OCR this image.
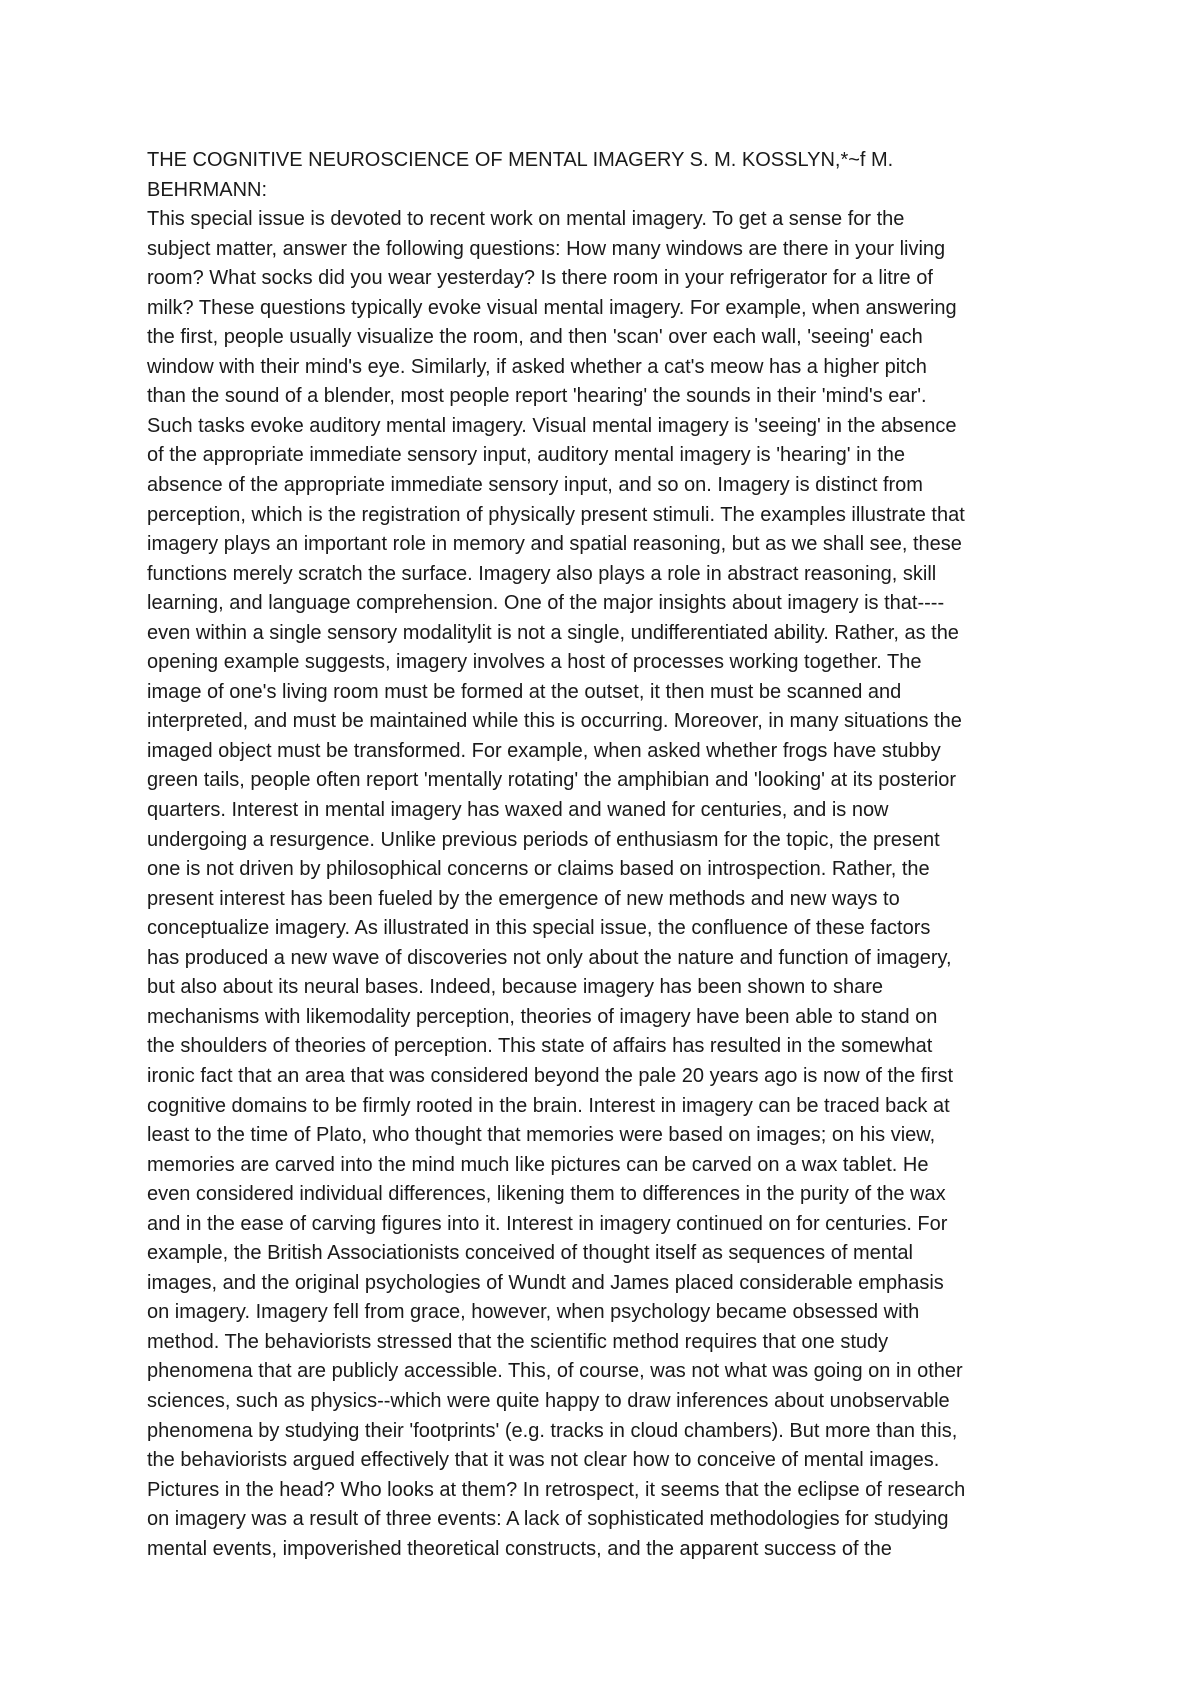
THE COGNITIVE NEUROSCIENCE OF MENTAL IMAGERY S. M. KOSSLYN,*~f M.
BEHRMANN:
This special issue is devoted to recent work on mental imagery. To get a sense for the
subject matter, answer the following questions: How many windows are there in your living
room? What socks did you wear yesterday? Is there room in your refrigerator for a litre of
milk? These questions typically evoke visual mental imagery. For example, when answering
the first, people usually visualize the room, and then 'scan' over each wall, 'seeing' each
window with their mind's eye. Similarly, if asked whether a cat's meow has a higher pitch
than the sound of a blender, most people report 'hearing' the sounds in their 'mind's ear'.
Such tasks evoke auditory mental imagery. Visual mental imagery is 'seeing' in the absence
of the appropriate immediate sensory input, auditory mental imagery is 'hearing' in the
absence of the appropriate immediate sensory input, and so on. Imagery is distinct from
perception, which is the registration of physically present stimuli. The examples illustrate that
imagery plays an important role in memory and spatial reasoning, but as we shall see, these
functions merely scratch the surface. Imagery also plays a role in abstract reasoning, skill
learning, and language comprehension. One of the major insights about imagery is that----
even within a single sensory modalitylit is not a single, undifferentiated ability. Rather, as the
opening example suggests, imagery involves a host of processes working together. The
image of one's living room must be formed at the outset, it then must be scanned and
interpreted, and must be maintained while this is occurring. Moreover, in many situations the
imaged object must be transformed. For example, when asked whether frogs have stubby
green tails, people often report 'mentally rotating' the amphibian and 'looking' at its posterior
quarters. Interest in mental imagery has waxed and waned for centuries, and is now
undergoing a resurgence. Unlike previous periods of enthusiasm for the topic, the present
one is not driven by philosophical concerns or claims based on introspection. Rather, the
present interest has been fueled by the emergence of new methods and new ways to
conceptualize imagery. As illustrated in this special issue, the confluence of these factors
has produced a new wave of discoveries not only about the nature and function of imagery,
but also about its neural bases. Indeed, because imagery has been shown to share
mechanisms with likemodality perception, theories of imagery have been able to stand on
the shoulders of theories of perception. This state of affairs has resulted in the somewhat
ironic fact that an area that was considered beyond the pale 20 years ago is now of the first
cognitive domains to be firmly rooted in the brain. Interest in imagery can be traced back at
least to the time of Plato, who thought that memories were based on images; on his view,
memories are carved into the mind much like pictures can be carved on a wax tablet. He
even considered individual differences, likening them to differences in the purity of the wax
and in the ease of carving figures into it. Interest in imagery continued on for centuries. For
example, the British Associationists conceived of thought itself as sequences of mental
images, and the original psychologies of Wundt and James placed considerable emphasis
on imagery. Imagery fell from grace, however, when psychology became obsessed with
method. The behaviorists stressed that the scientific method requires that one study
phenomena that are publicly accessible. This, of course, was not what was going on in other
sciences, such as physics--which were quite happy to draw inferences about unobservable
phenomena by studying their 'footprints' (e.g. tracks in cloud chambers). But more than this,
the behaviorists argued effectively that it was not clear how to conceive of mental images.
Pictures in the head? Who looks at them? In retrospect, it seems that the eclipse of research
on imagery was a result of three events: A lack of sophisticated methodologies for studying
mental events, impoverished theoretical constructs, and the apparent success of the
